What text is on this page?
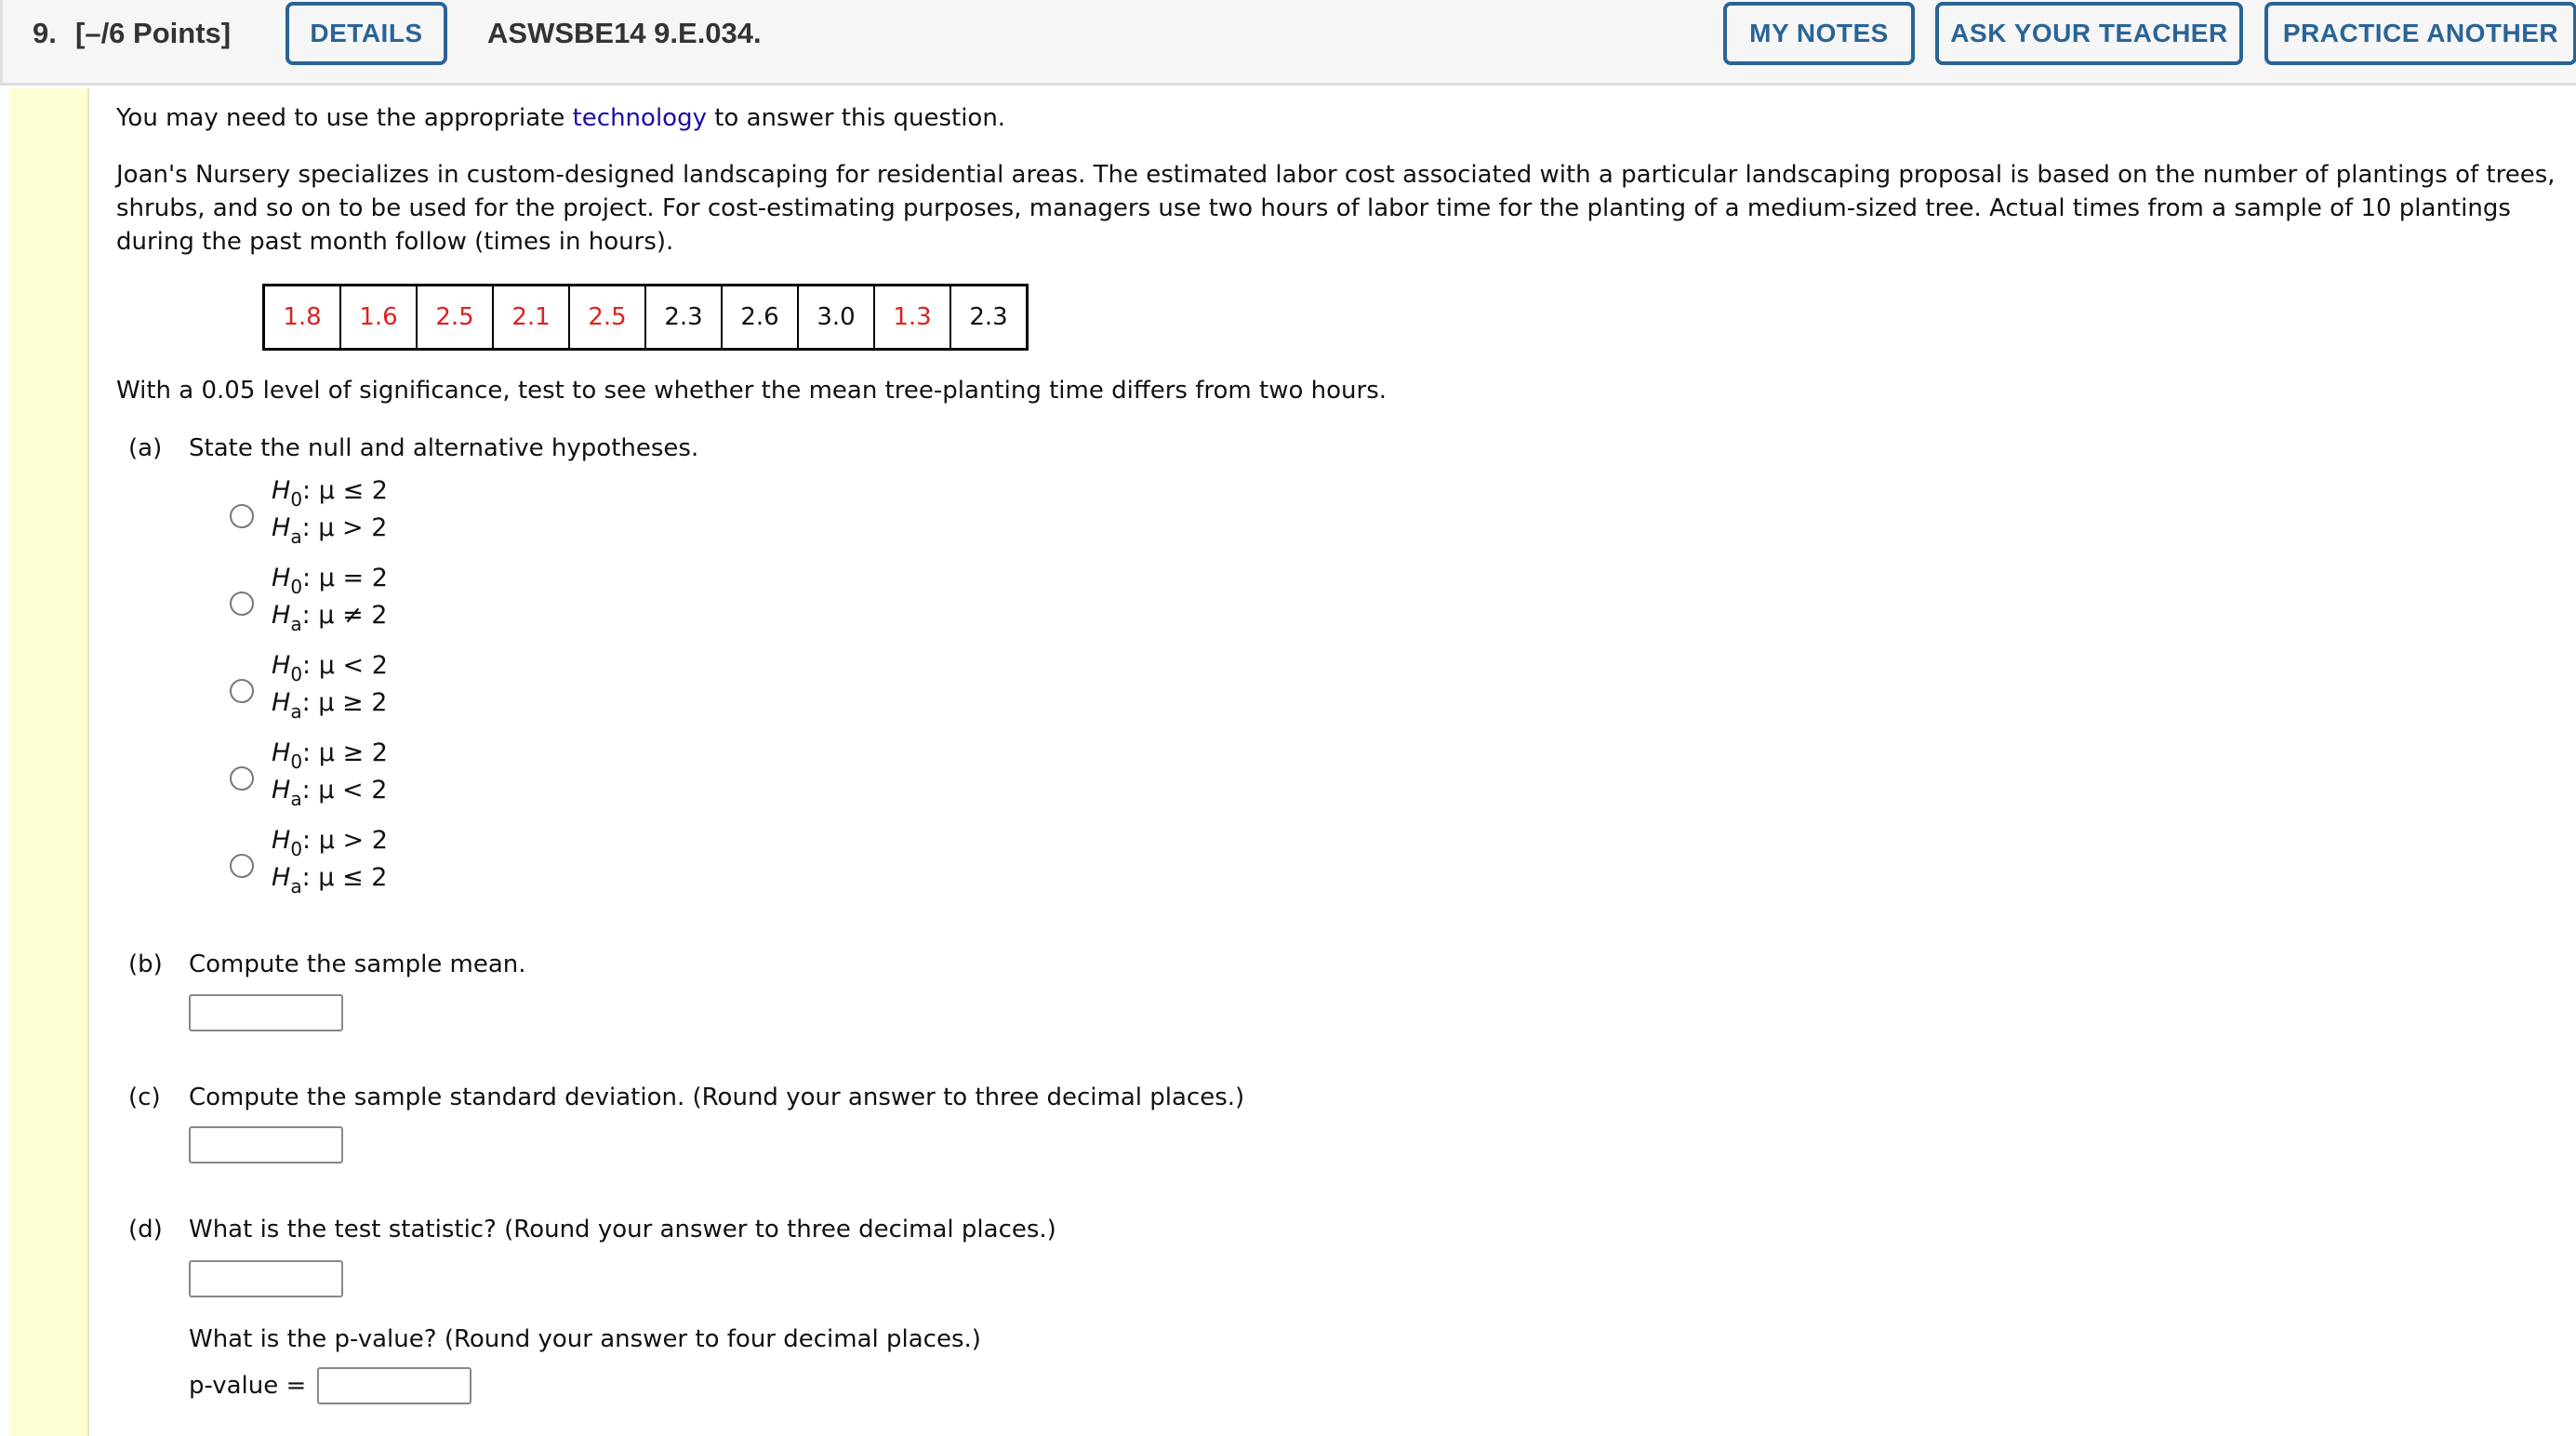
9. [–/6 Points]	DETAILS	ASWSBE14 9.E.034.	MY NOTES	ASK YOUR TEACHER	PRACTICE ANOTHER
You may need to use the appropriate technology to answer this question.
Joan's Nursery specializes in custom-designed landscaping for residential areas. The estimated labor cost associated with a particular landscaping proposal is based on the number of plantings of trees,
shrubs, and so on to be used for the project. For cost-estimating purposes, managers use two hours of labor time for the planting of a medium-sized tree. Actual times from a sample of 10 plantings
during the past month follow (times in hours).
1.8	1.6	2.5	2.1	2.5	2.3	2.6	3.0	1.3	2.3
With a 0.05 level of significance, test to see whether the mean tree-planting time differs from two hours.
(a) State the null and alternative hypotheses.
$H_0$: μ ≤ 2
$H_a$: μ > 2
$H_0$: μ = 2
$H_a$: μ ≠ 2
$H_0$: μ < 2
$H_a$: μ ≥ 2
$H_0$: μ ≥ 2
$H_a$: μ < 2
$H_0$: μ > 2
$H_a$: μ ≤ 2
(b) Compute the sample mean.
(c) Compute the sample standard deviation. (Round your answer to three decimal places.)
(d) What is the test statistic? (Round your answer to three decimal places.)
What is the p-value? (Round your answer to four decimal places.)
p-value =
